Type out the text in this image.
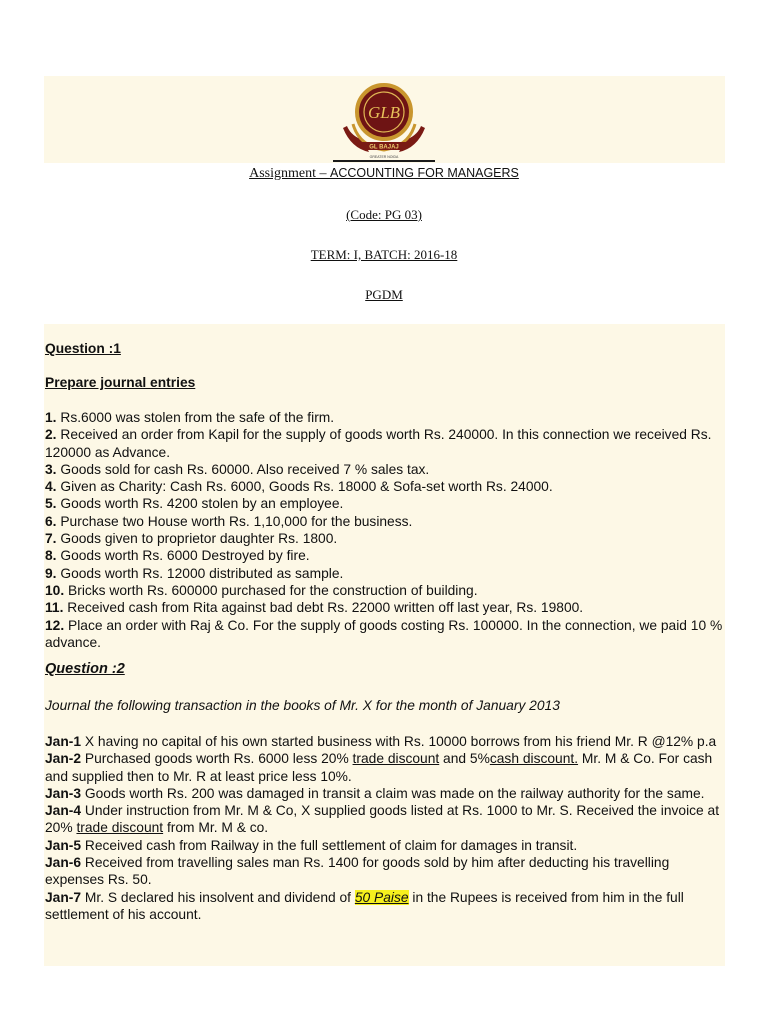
GLB
GL BAJAJ
GREATER NOIDA
Assignment – ACCOUNTING FOR MANAGERS
(Code: PG 03)
TERM: I, BATCH: 2016-18
PGDM
Question :1
Prepare journal entries

1. Rs.6000 was stolen from the safe of the firm.

2. Received an order from Kapil for the supply of goods worth Rs. 240000. In this connection we received Rs. 120000 as Advance.

3. Goods sold for cash Rs. 60000. Also received 7 % sales tax.

4. Given as Charity: Cash Rs. 6000, Goods Rs. 18000 & Sofa-set worth Rs. 24000.

5. Goods worth Rs. 4200 stolen by an employee.

6. Purchase two House worth Rs. 1,10,000 for the business.

7. Goods given to proprietor daughter Rs. 1800.

8. Goods worth Rs. 6000 Destroyed by fire.

9. Goods worth Rs. 12000 distributed as sample.

10. Bricks worth Rs. 600000 purchased for the construction of building.

11. Received cash from Rita against bad debt Rs. 22000 written off last year, Rs. 19800.

12. Place an order with Raj & Co. For the supply of goods costing Rs. 100000. In the connection, we paid 10 % advance.

Question :2
Journal the following transaction in the books of Mr. X for the month of January 2013

Jan-1 X having no capital of his own started business with Rs. 10000 borrows from his friend Mr. R @12% p.a

Jan-2 Purchased goods worth Rs. 6000 less 20% trade discount and 5%cash discount. Mr. M & Co. For cash and supplied then to Mr. R at least price less 10%.

Jan-3 Goods worth Rs. 200 was damaged in transit a claim was made on the railway authority for the same.

Jan-4 Under instruction from Mr. M & Co, X supplied goods listed at Rs. 1000 to Mr. S. Received the invoice at 20% trade discount from Mr. M & co.

Jan-5 Received cash from Railway in the full settlement of claim for damages in transit.

Jan-6 Received from travelling sales man Rs. 1400 for goods sold by him after deducting his travelling expenses Rs. 50.

Jan-7 Mr. S declared his insolvent and dividend of 50 Paise in the Rupees is received from him in the full settlement of his account.
